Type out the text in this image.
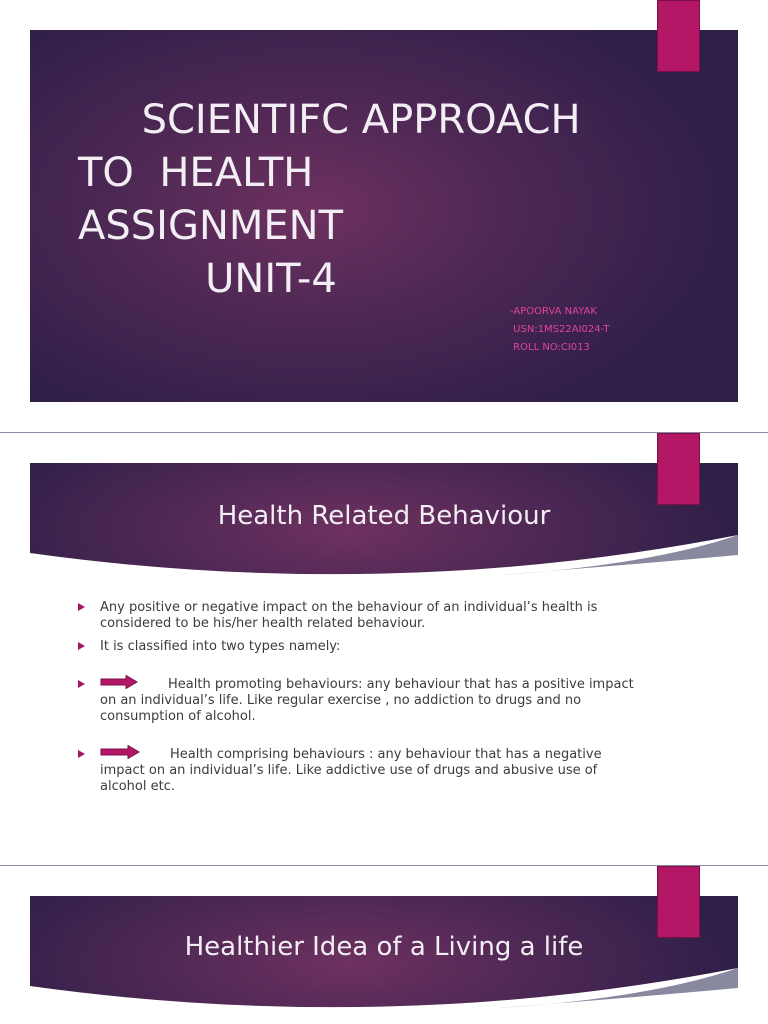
SCIENTIFC APPROACH
TO  HEALTH
ASSIGNMENT
UNIT-4
-APOORVA NAYAK
USN:1MS22AI024-T
ROLL NO:CI013
Health Related Behaviour
Any positive or negative impact on the behaviour of an individual’s health is considered to be his/her health related behaviour.
It is classified into two types namely:
Health promoting behaviours: any behaviour that has a positive impact on an individual’s life. Like regular exercise , no addiction to drugs and no consumption of alcohol.
Health comprising behaviours : any behaviour that has a negative impact on an individual’s life. Like addictive use of drugs and abusive use of alcohol etc.
Healthier Idea of a Living a life
